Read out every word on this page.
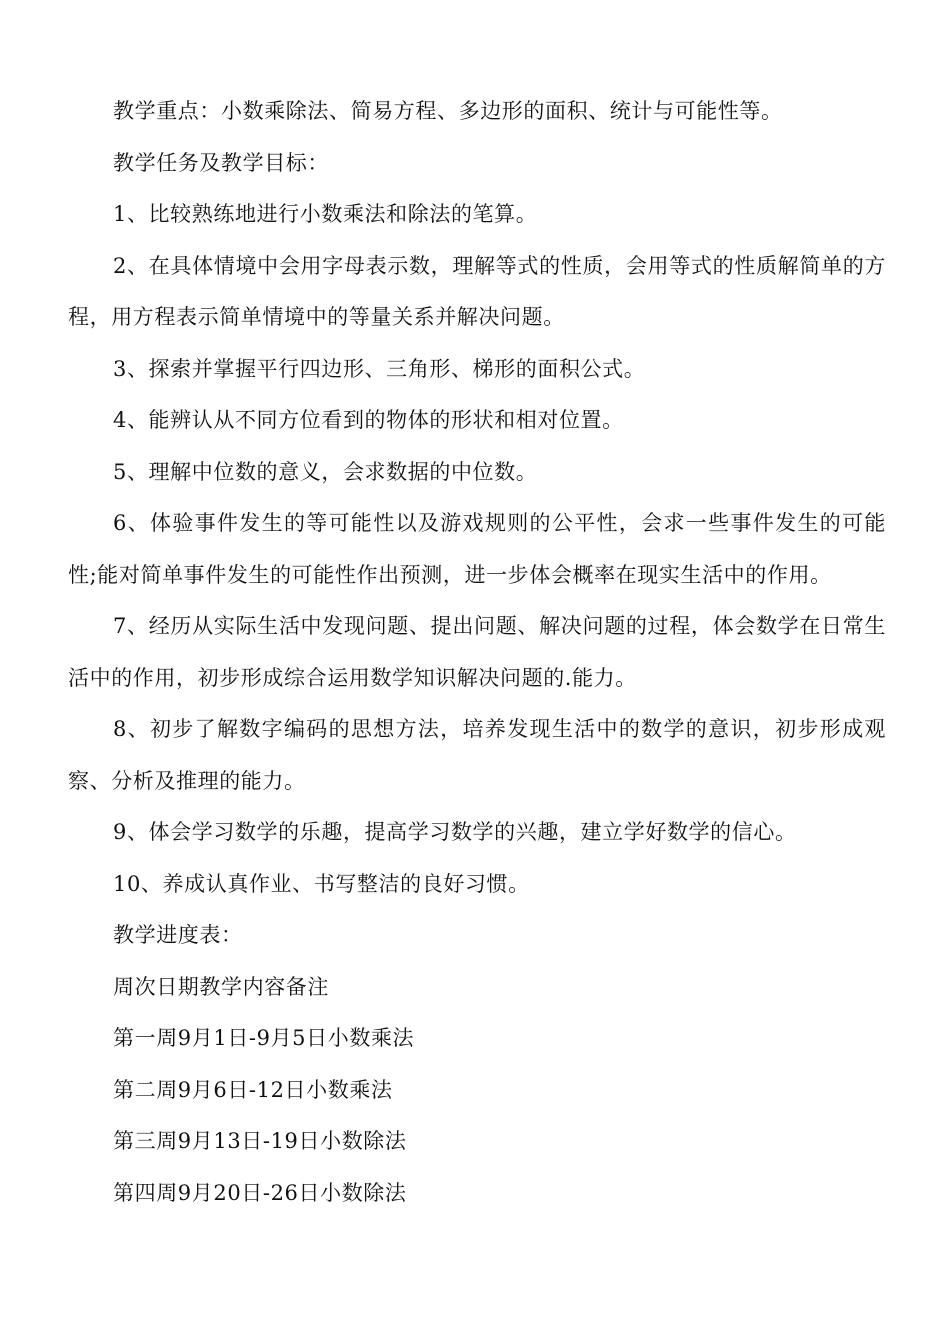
教学重点：小数乘除法、简易方程、多边形的面积、统计与可能性等。

教学任务及教学目标：

1、比较熟练地进行小数乘法和除法的笔算。

2、在具体情境中会用字母表示数，理解等式的性质，会用等式的性质解简单的方程，用方程表示简单情境中的等量关系并解决问题。

3、探索并掌握平行四边形、三角形、梯形的面积公式。

4、能辨认从不同方位看到的物体的形状和相对位置。

5、理解中位数的意义，会求数据的中位数。

6、体验事件发生的等可能性以及游戏规则的公平性，会求一些事件发生的可能性;能对简单事件发生的可能性作出预测，进一步体会概率在现实生活中的作用。

7、经历从实际生活中发现问题、提出问题、解决问题的过程，体会数学在日常生活中的作用，初步形成综合运用数学知识解决问题的.能力。

8、初步了解数字编码的思想方法，培养发现生活中的数学的意识，初步形成观察、分析及推理的能力。

9、体会学习数学的乐趣，提高学习数学的兴趣，建立学好数学的信心。

10、养成认真作业、书写整洁的良好习惯。

教学进度表：

周次日期教学内容备注

第一周9月1日-9月5日小数乘法

第二周9月6日-12日小数乘法

第三周9月13日-19日小数除法

第四周9月20日-26日小数除法
